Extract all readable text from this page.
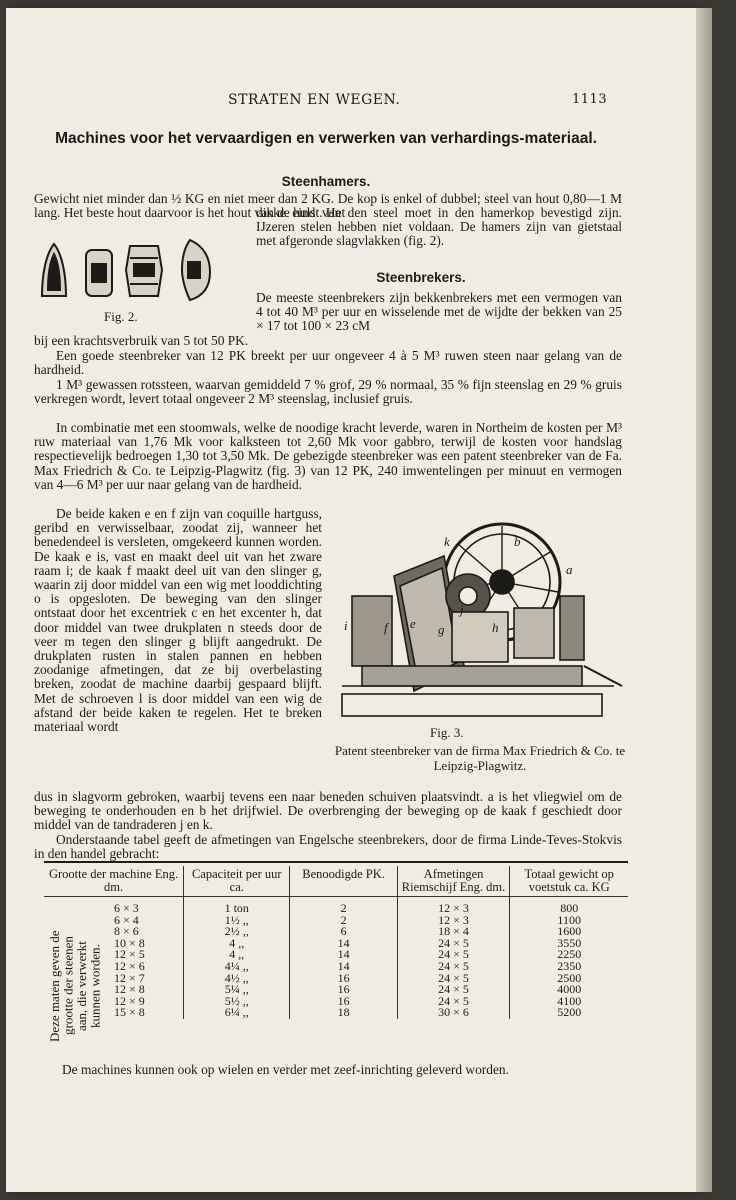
STRATEN EN WEGEN.	1113
Machines voor het vervaardigen en verwerken van verhardings-materiaal.
Steenhamers.
Gewicht niet minder dan ½ KG en niet meer dan 2 KG. De kop is enkel of dubbel; steel van hout 0,80—1 M lang. Het beste hout daarvoor is het hout van de hulst. Het
Fig. 2.
dikke eind van den steel moet in den hamerkop bevestigd zijn. IJzeren stelen hebben niet voldaan. De hamers zijn van gietstaal met afgeronde slagvlakken (fig. 2).
Steenbrekers.
De meeste steenbrekers zijn bekkenbrekers met een vermogen van 4 tot 40 M³ per uur en wisselende met de wijdte der bekken van 25 × 17 tot 100 × 23 cM
bij een krachtsverbruik van 5 tot 50 PK.
Een goede steenbreker van 12 PK breekt per uur ongeveer 4 à 5 M³ ruwen steen naar gelang van de hardheid.
1 M³ gewassen rotssteen, waarvan gemiddeld 7 % grof, 29 % normaal, 35 % fijn steenslag en 29 % gruis verkregen wordt, levert totaal ongeveer 2 M³ steenslag, inclusief gruis.
In combinatie met een stoomwals, welke de noodige kracht leverde, waren in Northeim de kosten per M³ ruw materiaal van 1,76 Mk voor kalksteen tot 2,60 Mk voor gabbro, terwijl de kosten voor handslag respectievelijk bedroegen 1,30 tot 3,50 Mk. De gebezigde steenbreker was een patent steenbreker van de Fa. Max Friedrich & Co. te Leipzig-Plagwitz (fig. 3) van 12 PK, 240 imwentelingen per minuut en vermogen van 4—6 M³ per uur naar gelang van de hardheid.
De beide kaken e en f zijn van coquille hartguss, geribd en verwisselbaar, zoodat zij, wanneer het benedendeel is versleten, omgekeerd kunnen worden. De kaak e is, vast en maakt deel uit van het zware raam i; de kaak f maakt deel uit van den slinger g, waarin zij door middel van een wig met looddichting o is opgesloten. De beweging van den slinger ontstaat door het excentriek c en het excenter h, dat door middel van twee drukplaten n steeds door de veer m tegen den slinger g blijft aangedrukt. De drukplaten rusten in stalen pannen en hebben zoodanige afmetingen, dat ze bij overbelasting breken, zoodat de machine daarbij gespaard blijft. Met de schroeven l is door middel van een wig de afstand der beide kaken te regelen. Het te breken materiaal wordt
k	b
a
e
f	g	h
i
j
Fig. 3.
Patent steenbreker van de firma Max Friedrich & Co. te Leipzig-Plagwitz.
dus in slagvorm gebroken, waarbij tevens een naar beneden schuiven plaatsvindt. a is het vliegwiel om de beweging te onderhouden en b het drijfwiel. De overbrenging der beweging op de kaak f geschiedt door middel van de tandraderen j en k.
Onderstaande tabel geeft de afmetingen van Engelsche steenbrekers, door de firma Linde-Teves-Stokvis in den handel gebracht:
Grootte der machine Eng. dm.	Capaciteit per uur ca.	Benoodigde PK.	Afmetingen Riemschijf Eng. dm.	Totaal gewicht op voetstuk ca. KG
6 × 3	1 ton	2	12 × 3	800
6 × 4	1½ ,,	2	12 × 3	1100
8 × 6	2½ ,,	6	18 × 4	1600
10 × 8	4 ,,	14	24 × 5	3550
12 × 5	4 ,,	14	24 × 5	2250
12 × 6	4¼ ,,	14	24 × 5	2350
12 × 7	4½ ,,	16	24 × 5	2500
12 × 8	5¼ ,,	16	24 × 5	4000
12 × 9	5½ ,,	16	24 × 5	4100
15 × 8	6¼ ,,	18	30 × 6	5200
Deze maten geven de
grootte der steenen
aan, die verwerkt
kunnen worden.
De machines kunnen ook op wielen en verder met zeef-inrichting geleverd worden.
